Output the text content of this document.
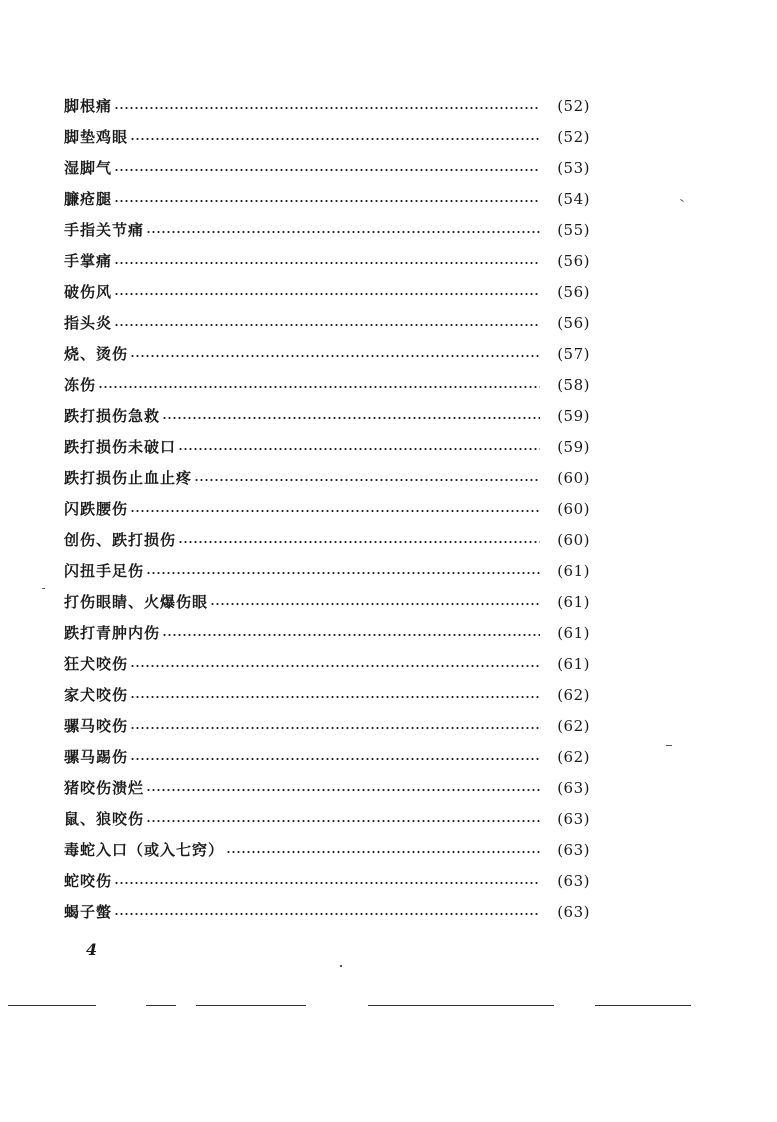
脚根痛	(52)
脚垫鸡眼	(52)
湿脚气	(53)
臁疮腿	(54)
手指关节痛	(55)
手掌痛	(56)
破伤风	(56)
指头炎	(56)
烧、烫伤	(57)
冻伤	(58)
跌打损伤急救	(59)
跌打损伤未破口	(59)
跌打损伤止血止疼	(60)
闪跌腰伤	(60)
创伤、跌打损伤	(60)
闪扭手足伤	(61)
打伤眼睛、火爆伤眼	(61)
跌打青肿内伤	(61)
狂犬咬伤	(61)
家犬咬伤	(62)
骡马咬伤	(62)
骡马踢伤	(62)
猪咬伤溃烂	(63)
鼠、狼咬伤	(63)
毒蛇入口（或入七窍）	(63)
蛇咬伤	(63)
蝎子螫	(63)
4
